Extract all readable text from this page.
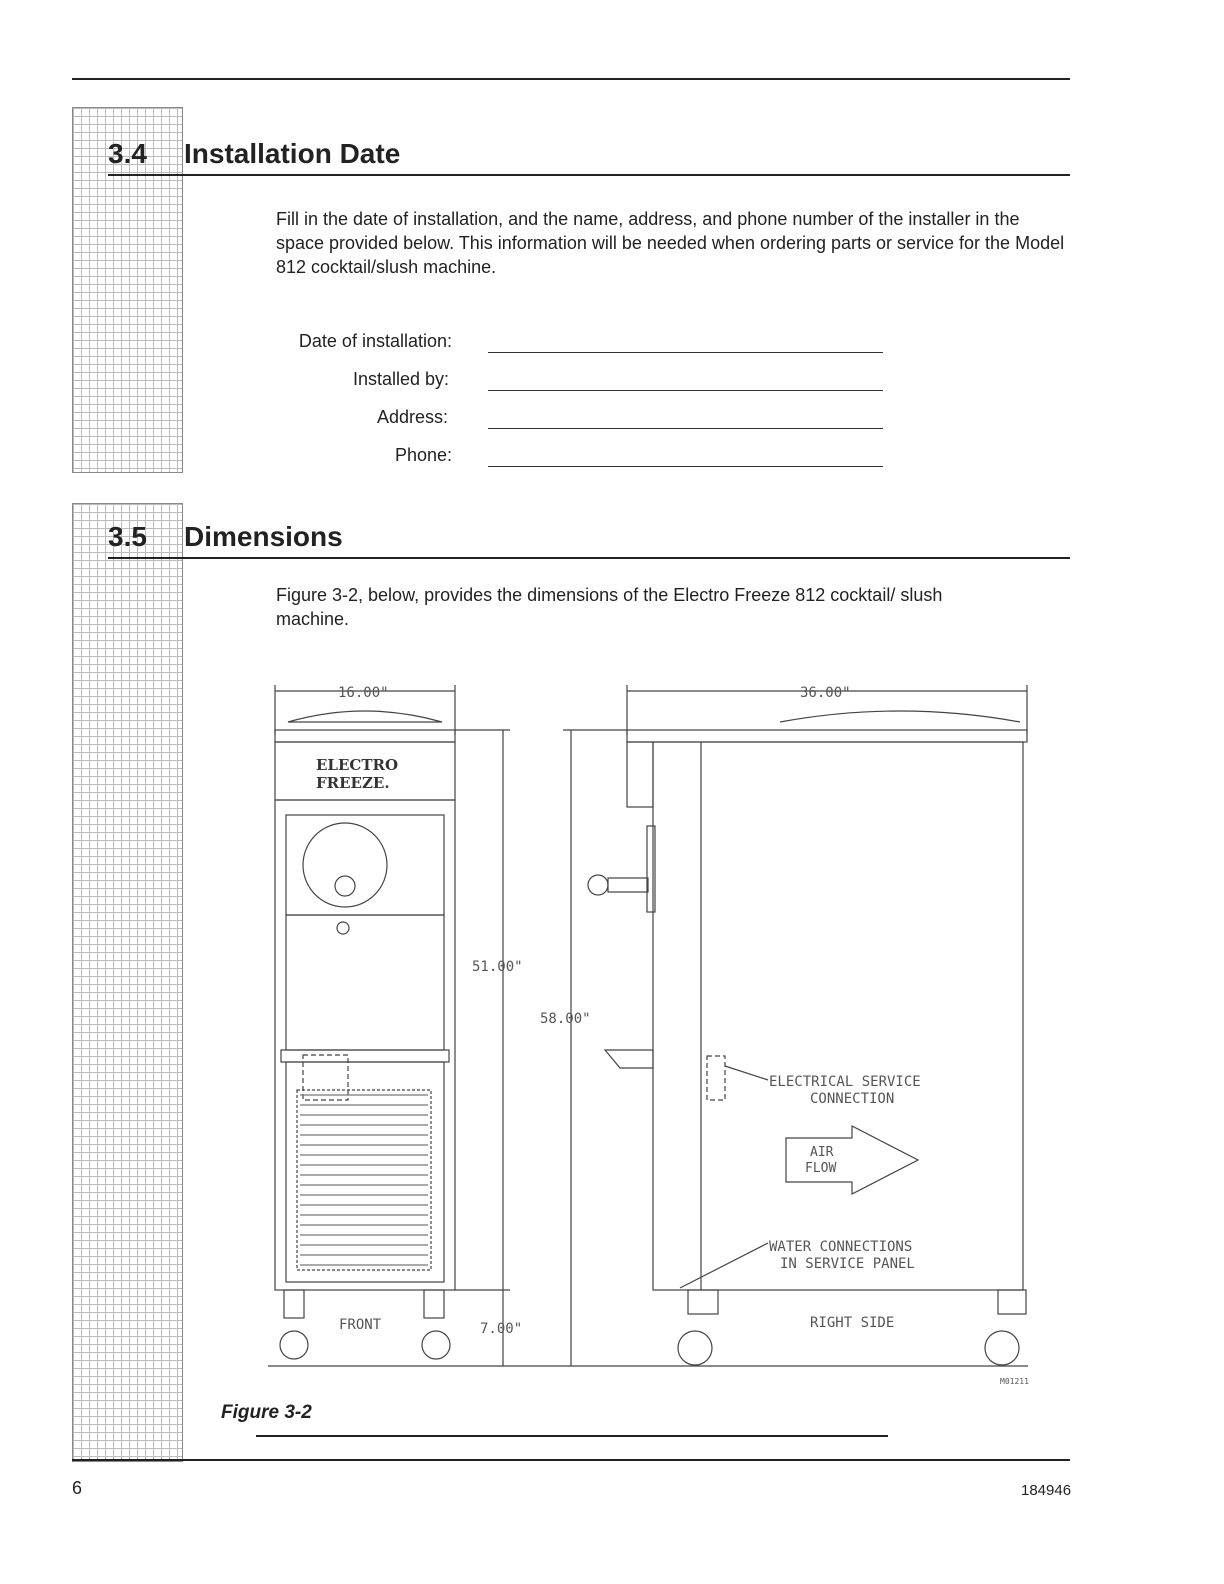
3.4 Installation Date
Fill in the date of installation, and the name, address, and phone number of the installer in the space provided below. This information will be needed when ordering parts or service for the Model 812 cocktail/slush machine.
Date of installation:
Installed by:
Address:
Phone:
3.5 Dimensions
Figure 3-2, below, provides the dimensions of the Electro Freeze 812 cocktail/ slush machine.
16.00"	36.00"
51.00"
58.00"
7.00"
ELECTRO
FREEZE.
FRONT	RIGHT SIDE
ELECTRICAL SERVICE
CONNECTION
AIR
FLOW
WATER CONNECTIONS
IN SERVICE PANEL
M01211
Figure 3-2
6	184946
